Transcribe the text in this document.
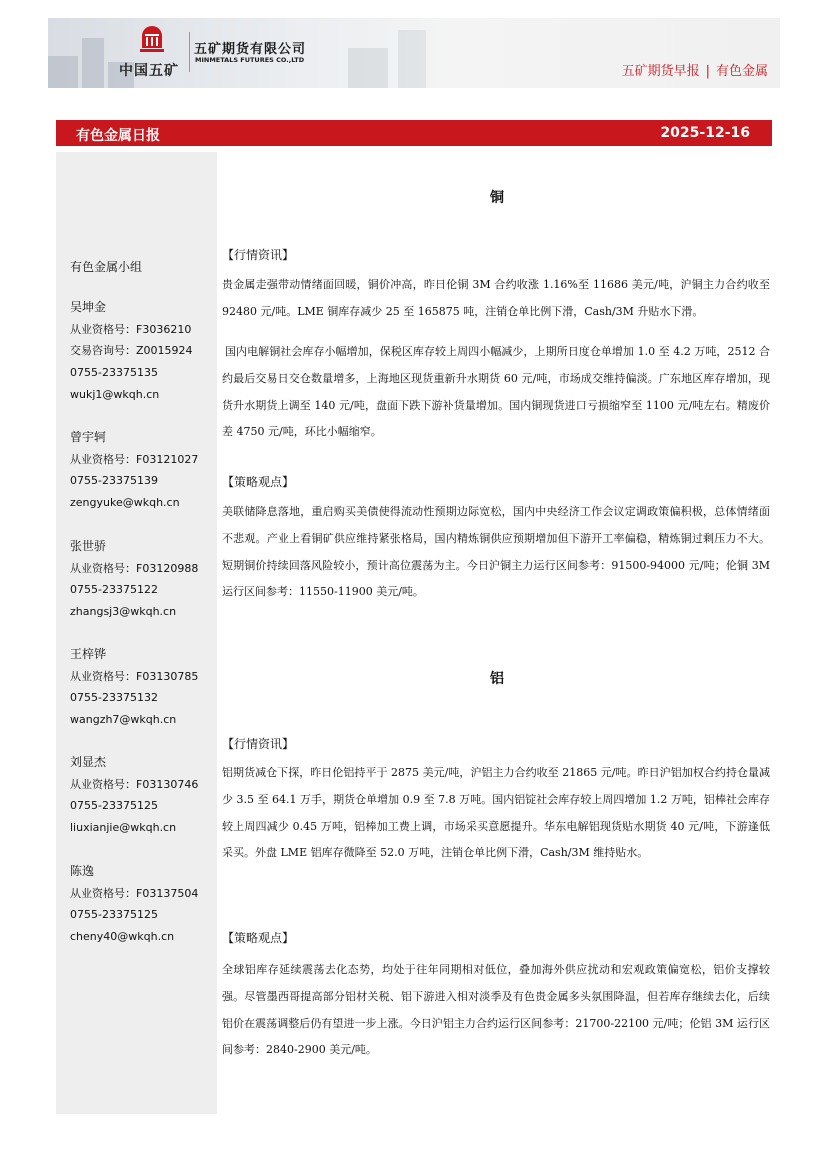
中国五矿
五矿期货有限公司
MINMETALS FUTURES CO.,LTD
五矿期货早报 | 有色金属
有色金属日报	2025-12-16
有色金属小组
吴坤金
从业资格号：F3036210
交易咨询号：Z0015924
0755-23375135
wukj1@wkqh.cn
曾宇轲
从业资格号：F03121027
0755-23375139
zengyuke@wkqh.cn
张世骄
从业资格号：F03120988
0755-23375122
zhangsj3@wkqh.cn
王梓铧
从业资格号：F03130785
0755-23375132
wangzh7@wkqh.cn
刘显杰
从业资格号：F03130746
0755-23375125
liuxianjie@wkqh.cn
陈逸
从业资格号：F03137504
0755-23375125
cheny40@wkqh.cn
铜
【行情资讯】

贵金属走强带动情绪面回暖，铜价冲高，昨日伦铜 3M 合约收涨 1.16%至 11686 美元/吨，沪铜主力合约收至 92480 元/吨。LME 铜库存减少 25 至 165875 吨，注销仓单比例下滑，Cash/3M 升贴水下滑。

国内电解铜社会库存小幅增加，保税区库存较上周四小幅减少，上期所日度仓单增加 1.0 至 4.2 万吨，2512 合约最后交易日交仓数量增多，上海地区现货重新升水期货 60 元/吨，市场成交维持偏淡。广东地区库存增加，现货升水期货上调至 140 元/吨，盘面下跌下游补货量增加。国内铜现货进口亏损缩窄至 1100 元/吨左右。精废价差 4750 元/吨，环比小幅缩窄。

【策略观点】

美联储降息落地，重启购买美债使得流动性预期边际宽松，国内中央经济工作会议定调政策偏积极，总体情绪面不悲观。产业上看铜矿供应维持紧张格局，国内精炼铜供应预期增加但下游开工率偏稳，精炼铜过剩压力不大。短期铜价持续回落风险较小，预计高位震荡为主。今日沪铜主力运行区间参考：91500-94000 元/吨；伦铜 3M 运行区间参考：11550-11900 美元/吨。

铝
【行情资讯】

铝期货减仓下探，昨日伦铝持平于 2875 美元/吨，沪铝主力合约收至 21865 元/吨。昨日沪铝加权合约持仓量减少 3.5 至 64.1 万手，期货仓单增加 0.9 至 7.8 万吨。国内铝锭社会库存较上周四增加 1.2 万吨，铝棒社会库存较上周四减少 0.45 万吨，铝棒加工费上调，市场采买意愿提升。华东电解铝现货贴水期货 40 元/吨，下游逢低采买。外盘 LME 铝库存微降至 52.0 万吨，注销仓单比例下滑，Cash/3M 维持贴水。

【策略观点】

全球铝库存延续震荡去化态势，均处于往年同期相对低位，叠加海外供应扰动和宏观政策偏宽松，铝价支撑较强。尽管墨西哥提高部分铝材关税、铝下游进入相对淡季及有色贵金属多头氛围降温，但若库存继续去化，后续铝价在震荡调整后仍有望进一步上涨。今日沪铝主力合约运行区间参考：21700-22100 元/吨；伦铝 3M 运行区间参考：2840-2900 美元/吨。
